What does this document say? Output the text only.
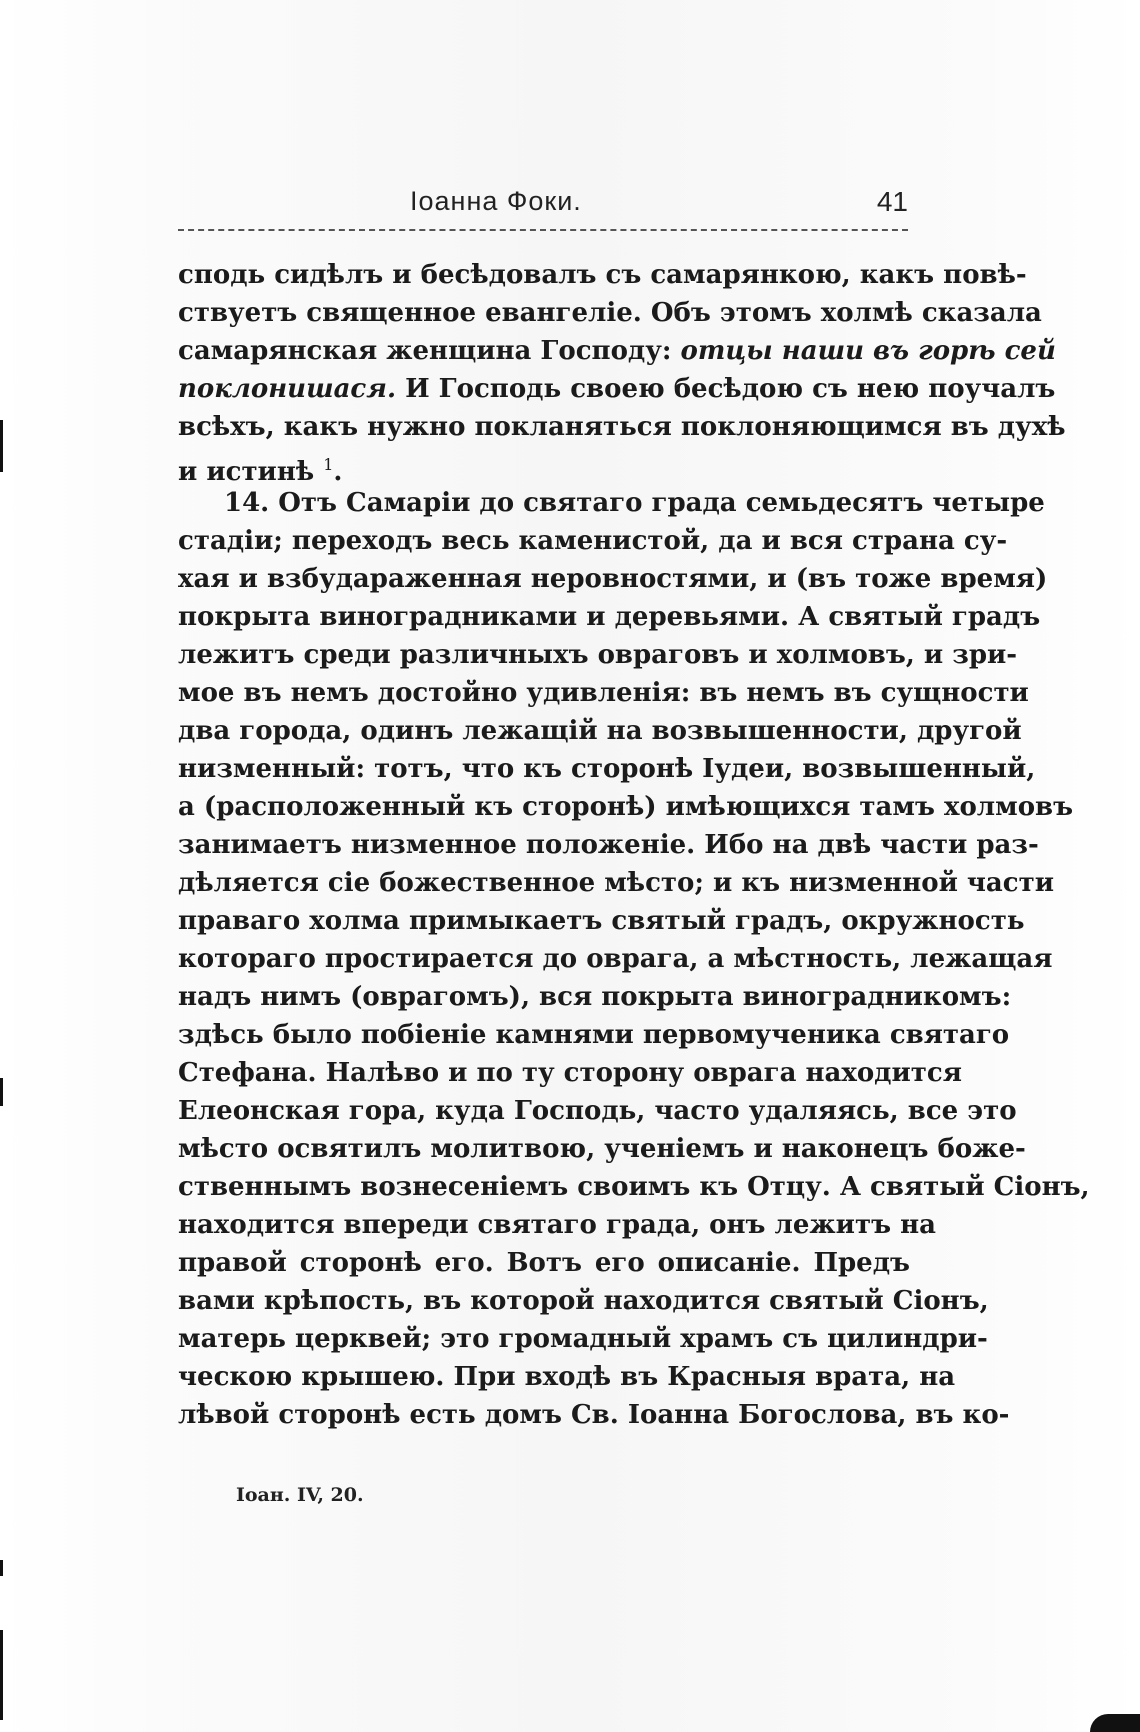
Іоанна Фоки.	41
сподь сидѣлъ и бесѣдовалъ съ самарянкою, какъ повѣ-
ствуетъ священное евангеліе. Объ этомъ холмѣ сказала
самарянская женщина Господу: отцы наши въ горѣ сей
поклонишася. И Господь своею бесѣдою съ нею поучалъ
всѣхъ, какъ нужно покланяться поклоняющимся въ духѣ
и истинѣ $^1$.
14. Отъ Самаріи до святаго града семьдесятъ четыре
стадіи; переходъ весь каменистой, да и вся страна су-
хая и взбудараженная неровностями, и (въ тоже время)
покрыта виноградниками и деревьями. А святый градъ
лежитъ среди различныхъ овраговъ и холмовъ, и зри-
мое въ немъ достойно удивленія: въ немъ въ сущности
два города, одинъ лежащій на возвышенности, другой
низменный: тотъ, что къ сторонѣ Іудеи, возвышенный,
а (расположенный къ сторонѣ) имѣющихся тамъ холмовъ
занимаетъ низменное положеніе. Ибо на двѣ части раз-
дѣляется сіе божественное мѣсто; и къ низменной части
праваго холма примыкаетъ святый градъ, окружность
котораго простирается до оврага, а мѣстность, лежащая
надъ нимъ (оврагомъ), вся покрыта виноградникомъ:
здѣсь было побіеніе камнями первомученика святаго
Стефана. Налѣво и по ту сторону оврага находится
Елеонская гора, куда Господь, часто удаляясь, все это
мѣсто освятилъ молитвою, ученіемъ и наконецъ боже-
ственнымъ вознесеніемъ своимъ къ Отцу. А святый Сіонъ,
находится впереди святаго града, онъ лежитъ на
правой сторонѣ его. Вотъ его описаніе. Предъ
вами крѣпость, въ которой находится святый Сіонъ,
матерь церквей; это громадный храмъ съ цилиндри-
ческою крышею. При входѣ въ Красныя врата, на
лѣвой сторонѣ есть домъ Св. Іоанна Богослова, въ ко-
Іоан. IV, 20.
